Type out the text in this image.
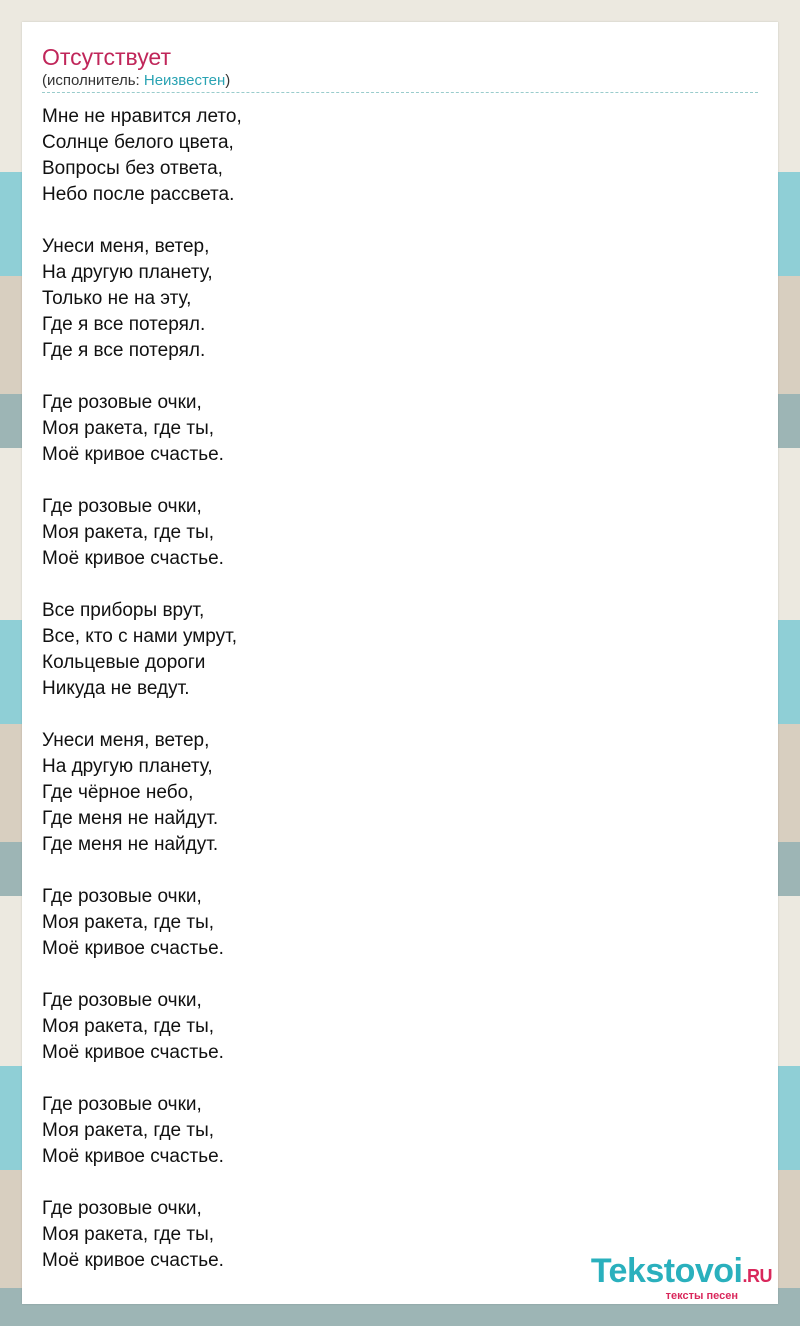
Отсутствует
(исполнитель: Неизвестен)
Мне не нравится лето,
Солнце белого цвета,
Вопросы без ответа,
Небо после рассвета.
Унеси меня, ветер,
На другую планету,
Только не на эту,
Где я все потерял.
Где я все потерял.
Где розовые очки,
Моя ракета, где ты,
Моё кривое счастье.
Где розовые очки,
Моя ракета, где ты,
Моё кривое счастье.
Все приборы врут,
Все, кто с нами умрут,
Кольцевые дороги
Никуда не ведут.
Унеси меня, ветер,
На другую планету,
Где чёрное небо,
Где меня не найдут.
Где меня не найдут.
Где розовые очки,
Моя ракета, где ты,
Моё кривое счастье.
Где розовые очки,
Моя ракета, где ты,
Моё кривое счастье.
Где розовые очки,
Моя ракета, где ты,
Моё кривое счастье.
Где розовые очки,
Моя ракета, где ты,
Моё кривое счастье.	Tekstovoi.RU
тексты песен
